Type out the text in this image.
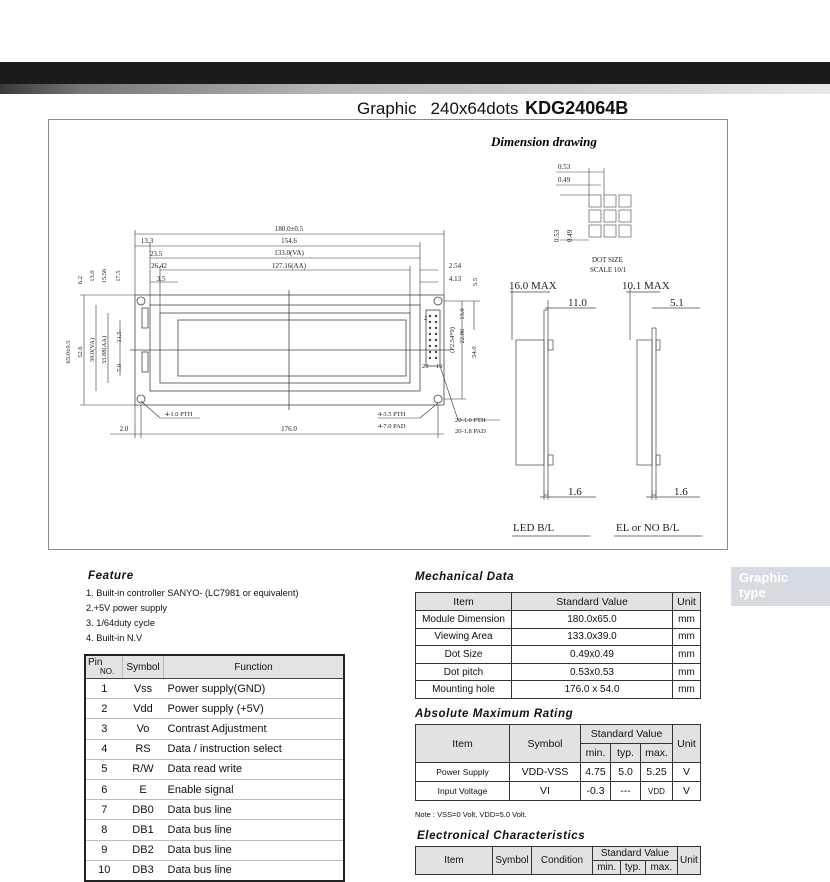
Graphic 240x64dots KDG24064B
Dimension drawing
180.0±0.5
154.6
133.0(VA)
127.16(AA)
13.3
23.5
26.42
3.5
2.54
4.13
2.0	176.0
4-1.0 PTH	4-3.5 PTH
4-7.0 PAD
20-1.0 PTH
20-1.8 PAD
2
20 19
6.2 13.0 15.56 17.5
65.0±0.5 52.6 39.0(VA) 33.88(AA) 11.5
7.0
5.5
13.0
22.86
54.0
(P2.54*9)
0.53
0.49
0.53 0.49
DOT SIZE
SCALE 10/1
16.0 MAX
11.0
1.6
LED B/L
10.1 MAX
5.1
1.6
EL or NO B/L
Graphic
type
Feature
1. Built-in controller SANYO- (LC7981 or equivalent)
2.+5V power supply
3. 1/64duty cycle
4. Built-in N.V
Pin
NO.	Symbol	Function
1	Vss	Power supply(GND)
2	Vdd	Power supply (+5V)
3	Vo	Contrast Adjustment
4	RS	Data / instruction select
5	R/W	Data read write
6	E	Enable signal
7	DB0	Data bus line
8	DB1	Data bus line
9	DB2	Data bus line
10	DB3	Data bus line
Mechanical Data
Item	Standard Value	Unit
Module Dimension	180.0x65.0	mm
Viewing Area	133.0x39.0	mm
Dot Size	0.49x0.49	mm
Dot pitch	0.53x0.53	mm
Mounting hole	176.0 x 54.0	mm
Absolute Maximum Rating
Item	Symbol	Standard Value			Unit
		min.	typ.	max.	
Power Supply	VDD-VSS	4.75	5.0	5.25	V
Input Voltage	VI	-0.3	---	VDD	V
Note : VSS=0 Volt, VDD=5.0 Volt.
Electronical Characteristics
Item	Symbol	Condition	Standard Value			Unit
			min.	typ.	max.	
